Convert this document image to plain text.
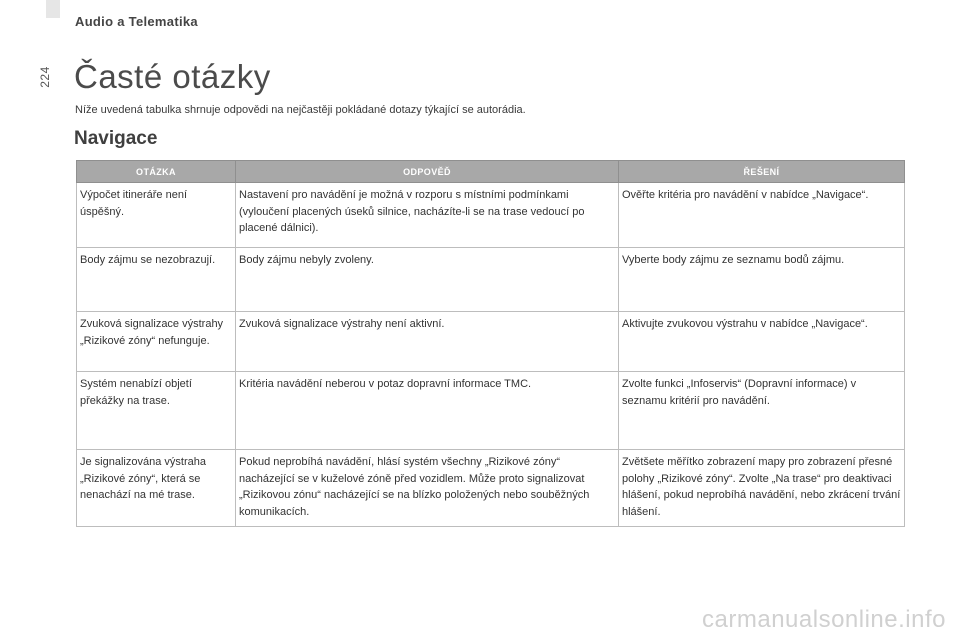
224
Audio a Telematika
Časté otázky

Níže uvedená tabulka shrnuje odpovědi na nejčastěji pokládané dotazy týkající se autorádia.

Navigace
OTÁZKA	ODPOVĚĎ	ŘEŠENÍ
Výpočet itineráře není úspěšný.	Nastavení pro navádění je možná v rozporu s místními podmínkami (vyloučení placených úseků silnice, nacházíte-li se na trase vedoucí po placené dálnici).	Ověřte kritéria pro navádění v nabídce „Navigace“.
Body zájmu se nezobrazují.	Body zájmu nebyly zvoleny.	Vyberte body zájmu ze seznamu bodů zájmu.
Zvuková signalizace výstrahy „Rizikové zóny“ nefunguje.	Zvuková signalizace výstrahy není aktivní.	Aktivujte zvukovou výstrahu v nabídce „Navigace“.
Systém nenabízí objetí překážky na trase.	Kritéria navádění neberou v potaz dopravní informace TMC.	Zvolte funkci „Infoservis“ (Dopravní informace) v seznamu kritérií pro navádění.
Je signalizována výstraha „Rizikové zóny“, která se nenachází na mé trase.	Pokud neprobíhá navádění, hlásí systém všechny „Rizikové zóny“ nacházející se v kuželové zóně před vozidlem. Může proto signalizovat „Rizikovou zónu“ nacházející se na blízko položených nebo souběžných komunikacích.	Zvětšete měřítko zobrazení mapy pro zobrazení přesné polohy „Rizikové zóny“. Zvolte „Na trase“ pro deaktivaci hlášení, pokud neprobíhá navádění, nebo zkrácení trvání hlášení.
carmanualsonline.info
